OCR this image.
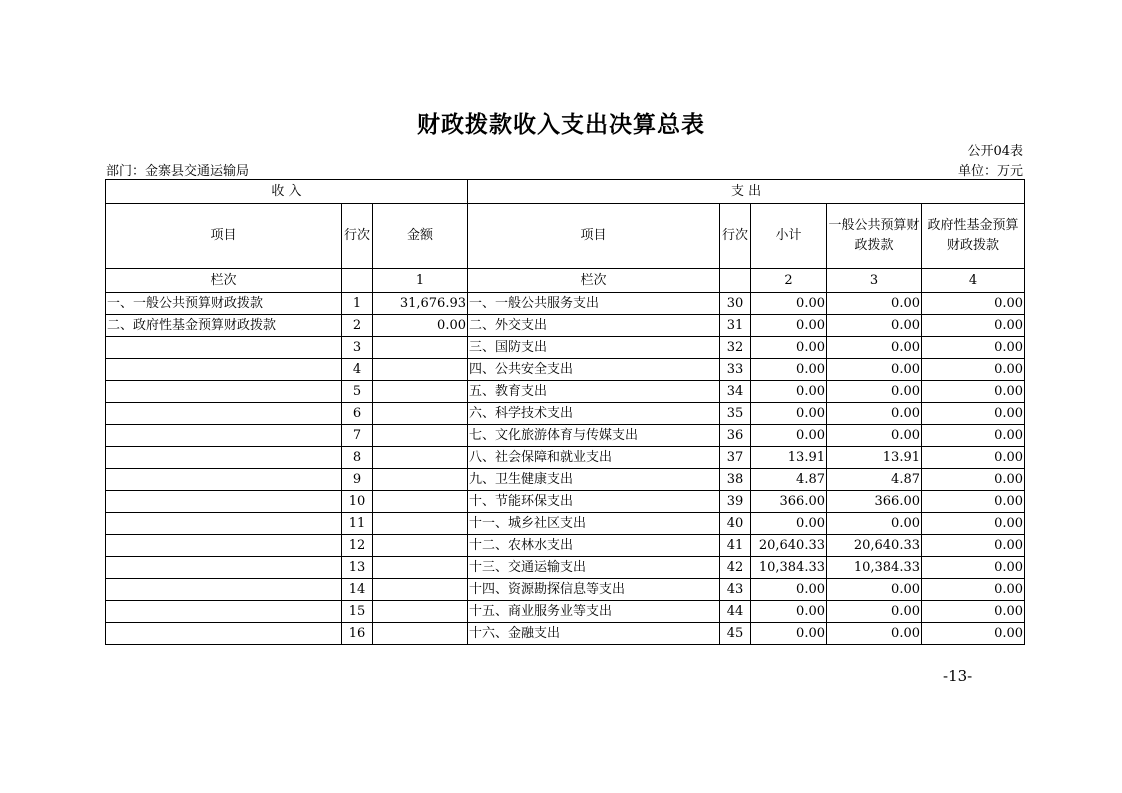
财政拨款收入支出决算总表
公开04表
部门：金寨县交通运输局	单位：万元
收 入			支 出				
项目	行次	金额	项目	行次	小计	一般公共预算财政拨款	政府性基金预算财政拨款
栏次		1	栏次		2	3	4
一、一般公共预算财政拨款	1	31,676.93	一、一般公共服务支出	30	0.00	0.00	0.00
二、政府性基金预算财政拨款	2	0.00	二、外交支出	31	0.00	0.00	0.00
	3		三、国防支出	32	0.00	0.00	0.00
	4		四、公共安全支出	33	0.00	0.00	0.00
	5		五、教育支出	34	0.00	0.00	0.00
	6		六、科学技术支出	35	0.00	0.00	0.00
	7		七、文化旅游体育与传媒支出	36	0.00	0.00	0.00
	8		八、社会保障和就业支出	37	13.91	13.91	0.00
	9		九、卫生健康支出	38	4.87	4.87	0.00
	10		十、节能环保支出	39	366.00	366.00	0.00
	11		十一、城乡社区支出	40	0.00	0.00	0.00
	12		十二、农林水支出	41	20,640.33	20,640.33	0.00
	13		十三、交通运输支出	42	10,384.33	10,384.33	0.00
	14		十四、资源勘探信息等支出	43	0.00	0.00	0.00
	15		十五、商业服务业等支出	44	0.00	0.00	0.00
	16		十六、金融支出	45	0.00	0.00	0.00
-13-
